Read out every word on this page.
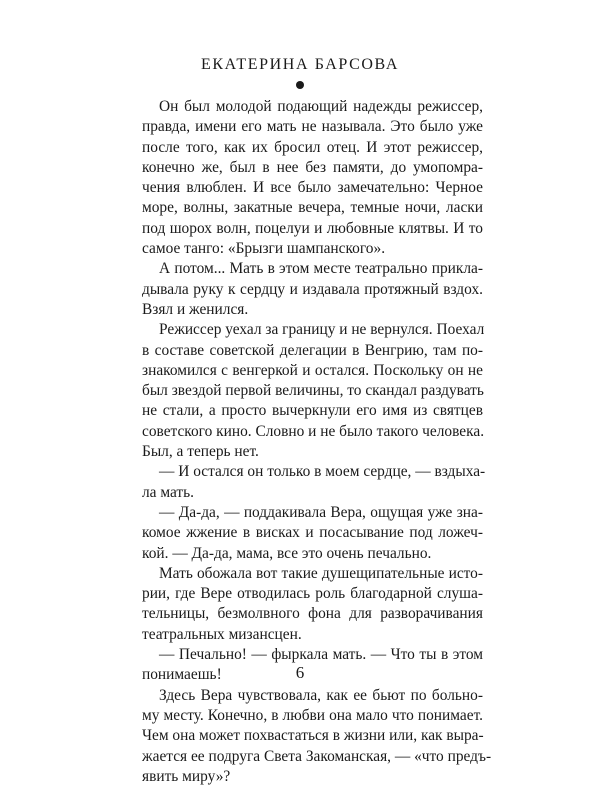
ЕКАТЕРИНА БАРСОВА
Он был молодой подающий надежды режиссер,
правда, имени его мать не называла. Это было уже
после того, как их бросил отец. И этот режиссер,
конечно же, был в нее без памяти, до умопомра-
чения влюблен. И все было замечательно: Черное
море, волны, закатные вечера, темные ночи, ласки
под шорох волн, поцелуи и любовные клятвы. И то
самое танго: «Брызги шампанского».
А потом... Мать в этом месте театрально прикла-
дывала руку к сердцу и издавала протяжный вздох.
Взял и женился.
Режиссер уехал за границу и не вернулся. Поехал
в составе советской делегации в Венгрию, там по-
знакомился с венгеркой и остался. Поскольку он не
был звездой первой величины, то скандал раздувать
не стали, а просто вычеркнули его имя из святцев
советского кино. Словно и не было такого человека.
Был, а теперь нет.
— И остался он только в моем сердце, — вздыха-
ла мать.
— Да-да, — поддакивала Вера, ощущая уже зна-
комое жжение в висках и посасывание под ложеч-
кой. — Да-да, мама, все это очень печально.
Мать обожала вот такие душещипательные исто-
рии, где Вере отводилась роль благодарной слуша-
тельницы, безмолвного фона для разворачивания
театральных мизансцен.
— Печально! — фыркала мать. — Что ты в этом
понимаешь!
Здесь Вера чувствовала, как ее бьют по больно-
му месту. Конечно, в любви она мало что понимает.
Чем она может похвастаться в жизни или, как выра-
жается ее подруга Света Закоманская, — «что предъ-
явить миру»?
6
